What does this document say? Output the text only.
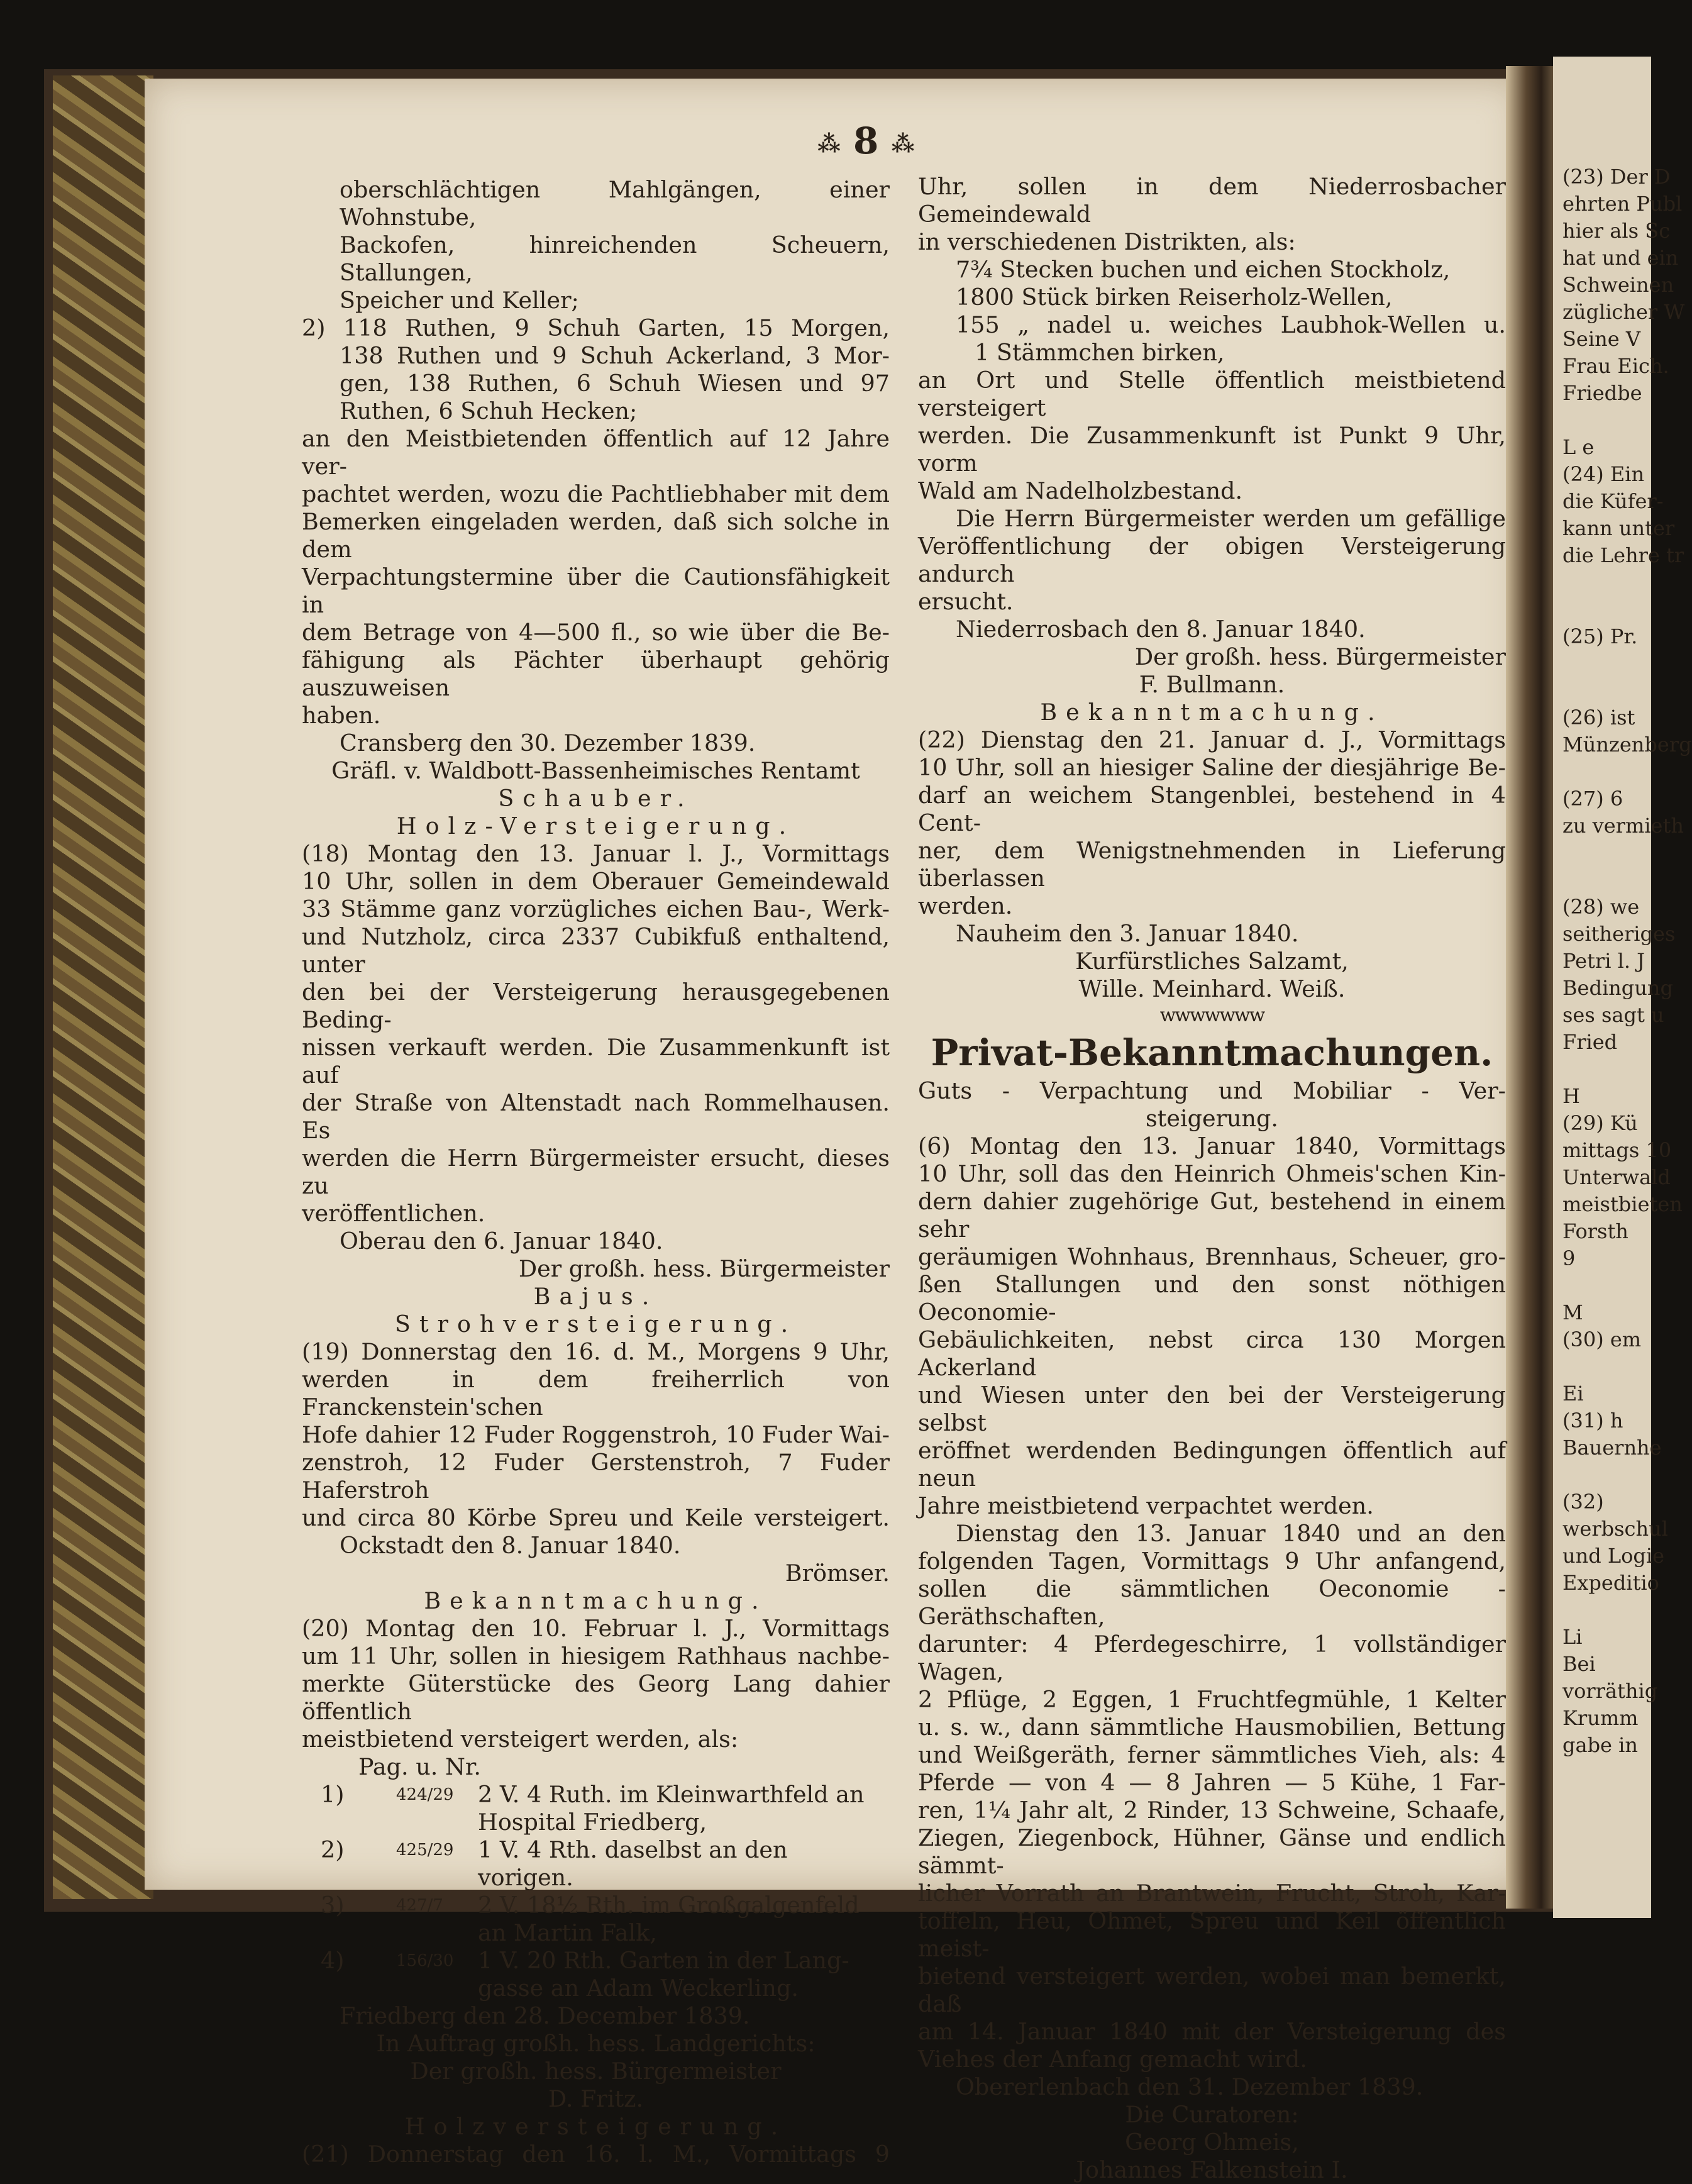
⁂ 8 ⁂

oberschlächtigen Mahlgängen, einer Wohnstube,

Backofen, hinreichenden Scheuern, Stallungen,

Speicher und Keller;

2) 118 Ruthen, 9 Schuh Garten, 15 Morgen,

138 Ruthen und 9 Schuh Ackerland, 3 Mor-

gen, 138 Ruthen, 6 Schuh Wiesen und 97

Ruthen, 6 Schuh Hecken;

an den Meistbietenden öffentlich auf 12 Jahre ver-

pachtet werden, wozu die Pachtliebhaber mit dem

Bemerken eingeladen werden, daß sich solche in dem

Verpachtungstermine über die Cautionsfähigkeit in

dem Betrage von 4—500 fl., so wie über die Be-

fähigung als Pächter überhaupt gehörig auszuweisen

haben.

Cransberg den 30. Dezember 1839.

Gräfl. v. Waldbott-Bassenheimisches Rentamt

Schauber.

Holz-Versteigerung.

(18) Montag den 13. Januar l. J., Vormittags

10 Uhr, sollen in dem Oberauer Gemeindewald

33 Stämme ganz vorzügliches eichen Bau-, Werk-

und Nutzholz, circa 2337 Cubikfuß enthaltend, unter

den bei der Versteigerung herausgegebenen Beding-

nissen verkauft werden. Die Zusammenkunft ist auf

der Straße von Altenstadt nach Rommelhausen. Es

werden die Herrn Bürgermeister ersucht, dieses zu

veröffentlichen.

Oberau den 6. Januar 1840.

Der großh. hess. Bürgermeister

Bajus.

Strohversteigerung.

(19) Donnerstag den 16. d. M., Morgens 9 Uhr,

werden in dem freiherrlich von Franckenstein'schen

Hofe dahier 12 Fuder Roggenstroh, 10 Fuder Wai-

zenstroh, 12 Fuder Gerstenstroh, 7 Fuder Haferstroh

und circa 80 Körbe Spreu und Keile versteigert.

Ockstadt den 8. Januar 1840.

Brömser.

Bekanntmachung.

(20) Montag den 10. Februar l. J., Vormittags

um 11 Uhr, sollen in hiesigem Rathhaus nachbe-

merkte Güterstücke des Georg Lang dahier öffentlich

meistbietend versteigert werden, als:

Pag. u. Nr.

1)	424/29	2 V. 4 Ruth. im Kleinwarthfeld an
Hospital Friedberg,
2)	425/29	1 V. 4 Rth. daselbst an den vorigen.
3)	427/7	2 V. 18½ Rth. im Großgalgenfeld
an Martin Falk,
4)	156/30	1 V. 20 Rth. Garten in der Lang-
gasse an Adam Weckerling.

Friedberg den 28. December 1839.

In Auftrag großh. hess. Landgerichts:

Der großh. hess. Bürgermeister

D. Fritz.

Holzversteigerung.

(21) Donnerstag den 16. l. M., Vormittags 9

Uhr, sollen in dem Niederrosbacher Gemeindewald

in verschiedenen Distrikten, als:

7¾ Stecken buchen und eichen Stockholz,

1800 Stück birken Reiserholz-Wellen,

155 „ nadel u. weiches Laubhok-Wellen u.

1 Stämmchen birken,

an Ort und Stelle öffentlich meistbietend versteigert

werden. Die Zusammenkunft ist Punkt 9 Uhr, vorm

Wald am Nadelholzbestand.

Die Herrn Bürgermeister werden um gefällige

Veröffentlichung der obigen Versteigerung andurch

ersucht.

Niederrosbach den 8. Januar 1840.

Der großh. hess. Bürgermeister

F. Bullmann.

Bekanntmachung.

(22) Dienstag den 21. Januar d. J., Vormittags

10 Uhr, soll an hiesiger Saline der diesjährige Be-

darf an weichem Stangenblei, bestehend in 4 Cent-

ner, dem Wenigstnehmenden in Lieferung überlassen

werden.

Nauheim den 3. Januar 1840.

Kurfürstliches Salzamt,

Wille. Meinhard. Weiß.

wwwwwww
Privat-Bekanntmachungen.

Guts - Verpachtung und Mobiliar - Ver-

steigerung.

(6) Montag den 13. Januar 1840, Vormittags

10 Uhr, soll das den Heinrich Ohmeis'schen Kin-

dern dahier zugehörige Gut, bestehend in einem sehr

geräumigen Wohnhaus, Brennhaus, Scheuer, gro-

ßen Stallungen und den sonst nöthigen Oeconomie-

Gebäulichkeiten, nebst circa 130 Morgen Ackerland

und Wiesen unter den bei der Versteigerung selbst

eröffnet werdenden Bedingungen öffentlich auf neun

Jahre meistbietend verpachtet werden.

Dienstag den 13. Januar 1840 und an den

folgenden Tagen, Vormittags 9 Uhr anfangend,

sollen die sämmtlichen Oeconomie - Geräthschaften,

darunter: 4 Pferdegeschirre, 1 vollständiger Wagen,

2 Pflüge, 2 Eggen, 1 Fruchtfegmühle, 1 Kelter

u. s. w., dann sämmtliche Hausmobilien, Bettung

und Weißgeräth, ferner sämmtliches Vieh, als: 4

Pferde — von 4 — 8 Jahren — 5 Kühe, 1 Far-

ren, 1¼ Jahr alt, 2 Rinder, 13 Schweine, Schaafe,

Ziegen, Ziegenbock, Hühner, Gänse und endlich sämmt-

licher Vorrath an Brantwein, Frucht, Stroh, Kar-

toffeln, Heu, Ohmet, Spreu und Keil öffentlich meist-

bietend versteigert werden, wobei man bemerkt, daß

am 14. Januar 1840 mit der Versteigerung des

Viehes der Anfang gemacht wird.

Obererlenbach den 31. Dezember 1839.

Die Curatoren:

Georg Ohmeis,

Johannes Falkenstein I.

(23) Der D
ehrten Publ
hier als Sc
hat und ein
Schweinen
züglicher W
Seine V
Frau Eich.
Friedbe
L e
(24) Ein
die Küfer-
kann unter
die Lehre tr
(25) Pr.
(26) ist
Münzenberg
(27) 6
zu vermieth
(28) we
seitheriges
Petri l. J
Bedingung
ses sagt u
Fried
H
(29) Kü
mittags 10
Unterwald
meistbieten
Forsth
9
M
(30) em
Ei
(31) h
Bauernhe
(32)
werbschul
und Logie
Expeditio
Li
Bei
vorräthig
Krumm
gabe in
